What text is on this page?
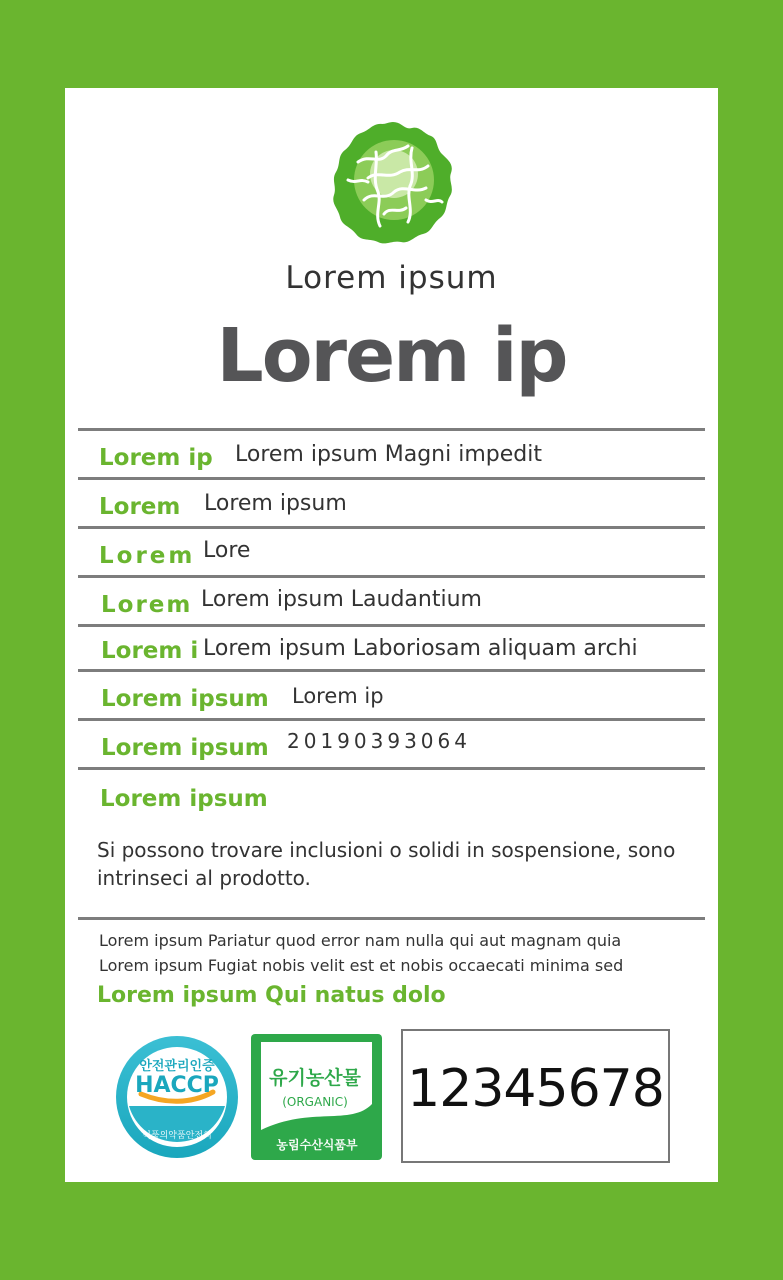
Lorem ipsum
Lorem ip
Lorem ip Lorem ipsum Magni impedit
Lorem Lorem ipsum
Lorem Lore
Lorem Lorem ipsum Laudantium
Lorem i Lorem ipsum Laboriosam aliquam archi
Lorem ipsum Lorem ip
Lorem ipsum 20190393064
Lorem ipsum
Si possono trovare inclusioni o solidi in sospensione, sono intrinseci al prodotto.
Lorem ipsum Pariatur quod error nam nulla qui aut magnam quia
Lorem ipsum Fugiat nobis velit est et nobis occaecati minima sed
Lorem ipsum Qui natus dolo
안전관리인증
HACCP
식품의약품안전처
유기농산물
(ORGANIC)
농림수산식품부
12345678
